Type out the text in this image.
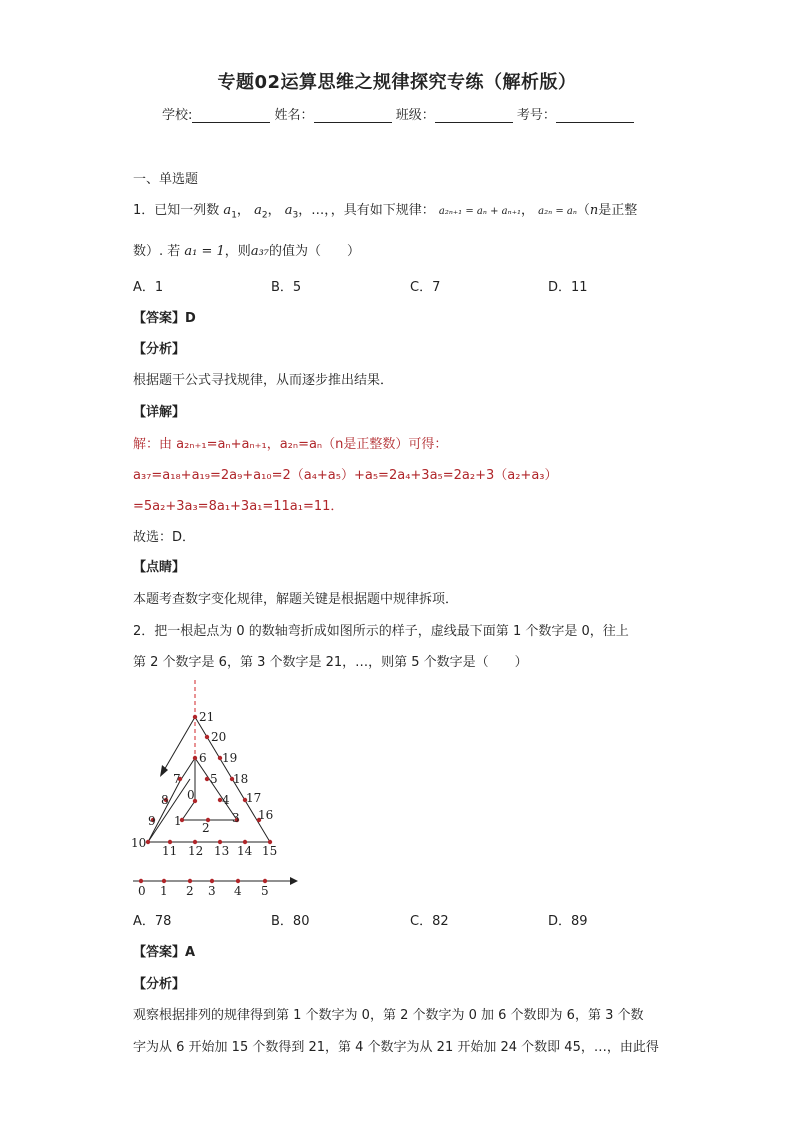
专题02运算思维之规律探究专练（解析版）
学校:	姓名：	班级：	考号：
一、单选题
1．已知一列数 $a_1$， $a_2$， $a_3$，…，，具有如下规律： a₂ₙ₊₁ = aₙ + aₙ₊₁， a₂ₙ = aₙ（n是正整
数）. 若 a₁ = 1，则a₃₇的值为（　　）
A．1	B．5	C．7	D．11
【答案】D
【分析】
根据题干公式寻找规律，从而逐步推出结果．
【详解】
解：由 a₂ₙ₊₁=aₙ+aₙ₊₁，a₂ₙ=aₙ（n是正整数）可得：
a₃₇=a₁₈+a₁₉=2a₉+a₁₀=2（a₄+a₅）+a₅=2a₄+3a₅=2a₂+3（a₂+a₃）
=5a₂+3a₃=8a₁+3a₁=11a₁=11．
故选：D．
【点睛】
本题考查数字变化规律，解题关键是根据题中规律拆项．
2．把一根起点为 0 的数轴弯折成如图所示的样子，虚线最下面第 1 个数字是 0，往上
第 2 个数字是 6，第 3 个数字是 21，…，则第 5 个数字是（　　）
21
20
6 19
7 5 18
0
8	4 17
9 1	3 16
2
10
11 12 13 14 15
0 1 2 3 4 5
A．78	B．80	C．82	D．89
【答案】A
【分析】
观察根据排列的规律得到第 1 个数字为 0，第 2 个数字为 0 加 6 个数即为 6，第 3 个数
字为从 6 开始加 15 个数得到 21，第 4 个数字为从 21 开始加 24 个数即 45，…，由此得
